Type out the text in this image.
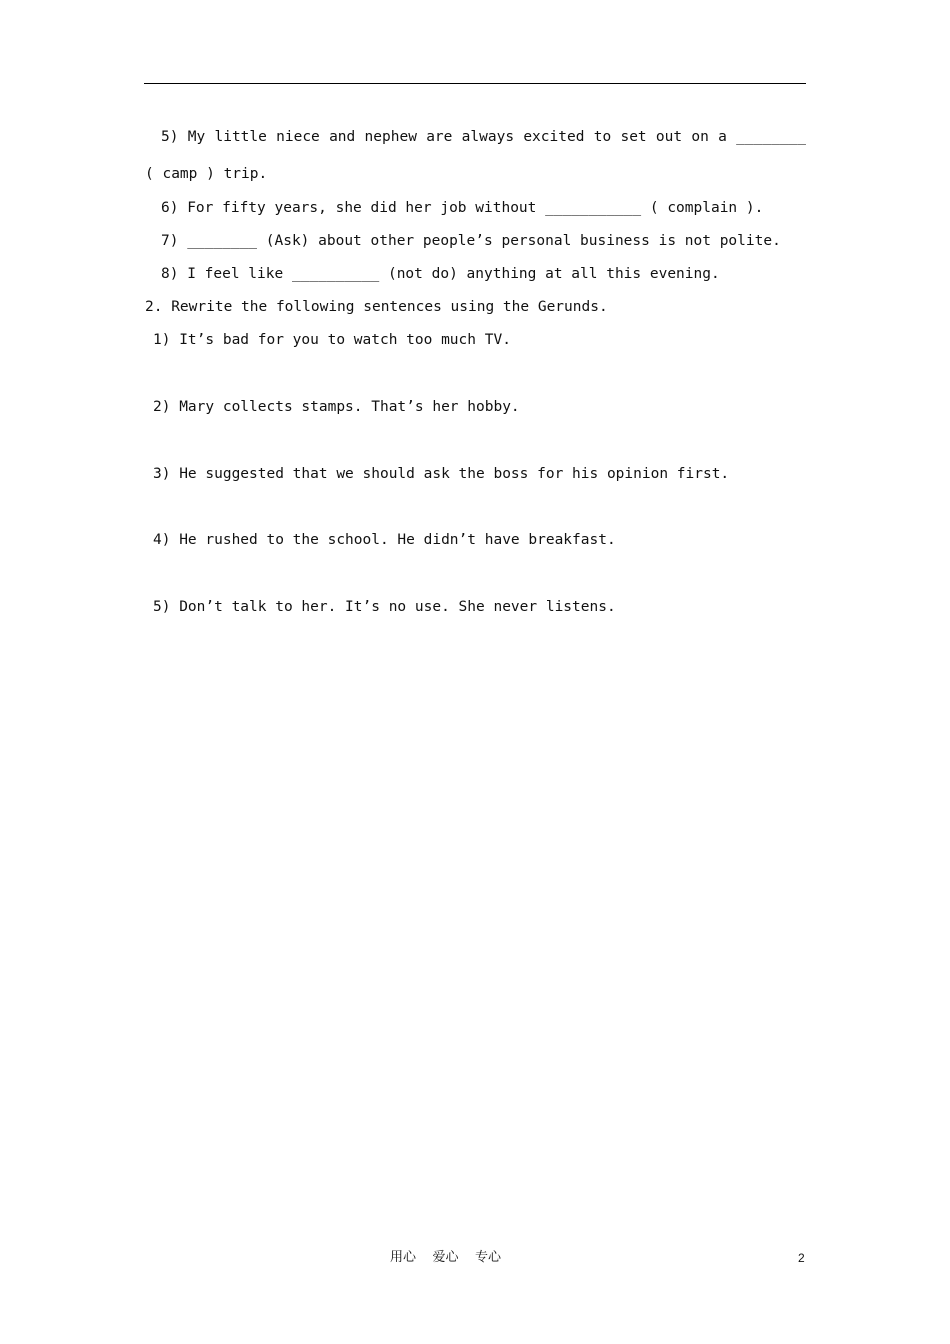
5) My little niece and nephew are always excited to set out on a ________

( camp ) trip.

6) For fifty years, she did her job without ___________ ( complain ).

7) ________ (Ask) about other people’s personal business is not polite.

8) I feel like __________ (not do) anything at all this evening.

2. Rewrite the following sentences using the Gerunds.

1) It’s bad for you to watch too much TV.

2) Mary collects stamps. That’s her hobby.

3) He suggested that we should ask the boss for his opinion first.

4) He rushed to the school. He didn’t have breakfast.

5) Don’t talk to her. It’s no use. She never listens.

用心    爱心    专心	2
